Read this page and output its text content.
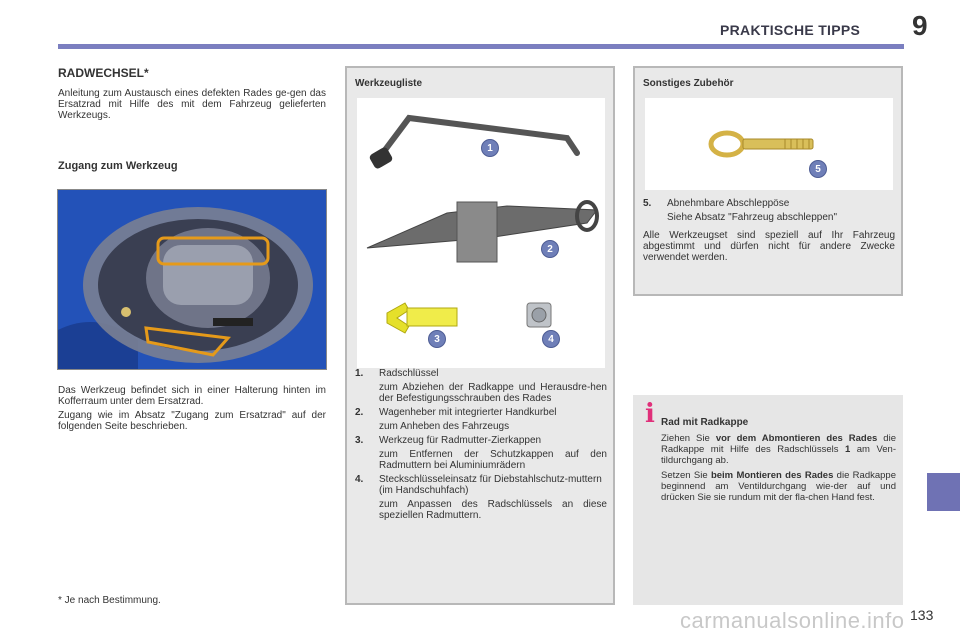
PRAKTISCHE TIPPS 9
carmanualsonline.info 133
RADWECHSEL*
Anleitung zum Austausch eines defekten Rades ge-gen das Ersatzrad mit Hilfe des mit dem Fahrzeug gelieferten Werkzeugs.
Zugang zum Werkzeug

Das Werkzeug befindet sich in einer Halterung hinten im Kofferraum unter dem Ersatzrad.

Zugang wie im Absatz "Zugang zum Ersatzrad" auf der folgenden Seite beschrieben.

* Je nach Bestimmung.
Werkzeugliste
1
2
3	4
1.	Radschlüssel
zum Abziehen der Radkappe und Herausdre-hen der Befestigungsschrauben des Rades
2.	Wagenheber mit integrierter Handkurbel
zum Anheben des Fahrzeugs
3.	Werkzeug für Radmutter-Zierkappen
zum Entfernen der Schutzkappen auf den Radmuttern bei Aluminiumrädern
4.	Steckschlüsseleinsatz für Diebstahlschutz-muttern (im Handschuhfach)
zum Anpassen des Radschlüssels an diese speziellen Radmuttern.
Sonstiges Zubehör
5
5.	Abnehmbare Abschleppöse
Siehe Absatz "Fahrzeug abschleppen"
Alle Werkzeugset sind speziell auf Ihr Fahrzeug abgestimmt und dürfen nicht für andere Zwecke verwendet werden.
i Rad mit Radkappe

Ziehen Sie vor dem Abmontieren des Rades die Radkappe mit Hilfe des Radschlüssels 1 am Ven-tildurchgang ab.

Setzen Sie beim Montieren des Rades die Radkappe beginnend am Ventildurchgang wie-der auf und drücken Sie sie rundum mit der fla-chen Hand fest.
